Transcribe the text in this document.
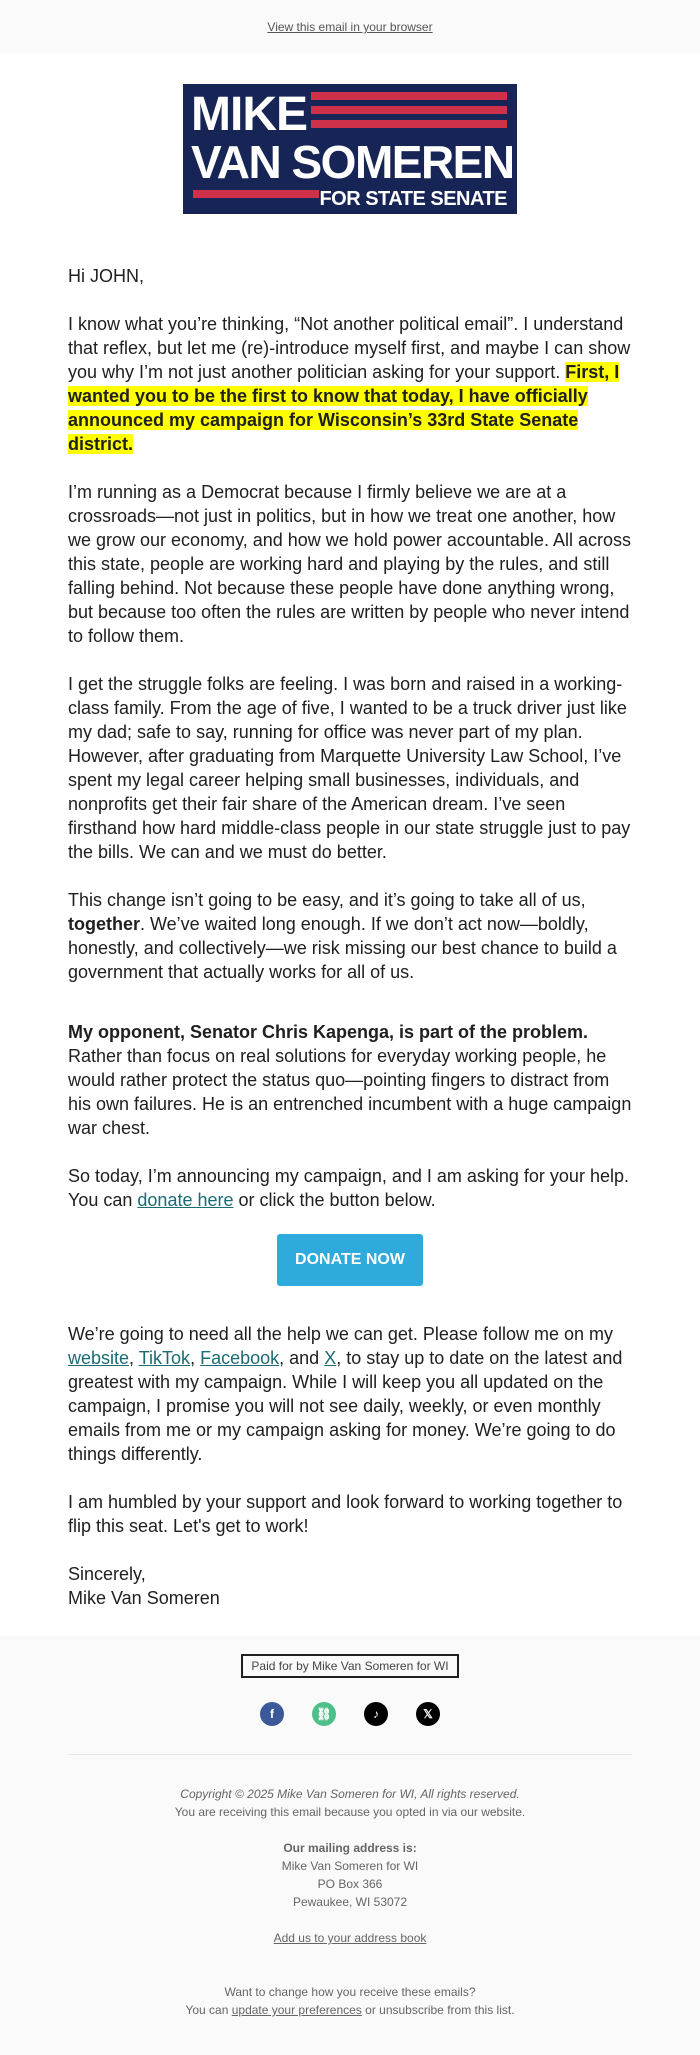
View this email in your browser
MIKE
VAN SOMEREN
FOR STATE SENATE

Hi JOHN,

I know what you’re thinking, “Not another political email”. I understand that reflex, but let me (re)-introduce myself first, and maybe I can show you why I’m not just another politician asking for your support. First, I wanted you to be the first to know that today, I have officially announced my campaign for Wisconsin’s 33rd State Senate district.

I’m running as a Democrat because I firmly believe we are at a crossroads—not just in politics, but in how we treat one another, how we grow our economy, and how we hold power accountable. All across this state, people are working hard and playing by the rules, and still falling behind. Not because these people have done anything wrong, but because too often the rules are written by people who never intend to follow them.

I get the struggle folks are feeling. I was born and raised in a working-class family. From the age of five, I wanted to be a truck driver just like my dad; safe to say, running for office was never part of my plan. However, after graduating from Marquette University Law School, I’ve spent my legal career helping small businesses, individuals, and nonprofits get their fair share of the American dream. I’ve seen firsthand how hard middle-class people in our state struggle just to pay the bills. We can and we must do better.

This change isn’t going to be easy, and it’s going to take all of us, together. We’ve waited long enough. If we don’t act now—boldly, honestly, and collectively—we risk missing our best chance to build a government that actually works for all of us.

My opponent, Senator Chris Kapenga, is part of the problem. Rather than focus on real solutions for everyday working people, he would rather protect the status quo—pointing fingers to distract from his own failures. He is an entrenched incumbent with a huge campaign war chest.

So today, I’m announcing my campaign, and I am asking for your help. You can donate here or click the button below.

DONATE NOW

We’re going to need all the help we can get. Please follow me on my website, TikTok, Facebook, and X, to stay up to date on the latest and greatest with my campaign. While I will keep you all updated on the campaign, I promise you will not see daily, weekly, or even monthly emails from me or my campaign asking for money. We’re going to do things differently.

I am humbled by your support and look forward to working together to flip this seat. Let's get to work!

Sincerely,
Mike Van Someren

Paid for by Mike Van Someren for WI
f	⛓	♪	𝕏
Copyright © 2025 Mike Van Someren for WI, All rights reserved.
You are receiving this email because you opted in via our website.
Our mailing address is:
Mike Van Someren for WI
PO Box 366
Pewaukee, WI 53072
Add us to your address book
Want to change how you receive these emails?
You can update your preferences or unsubscribe from this list.
